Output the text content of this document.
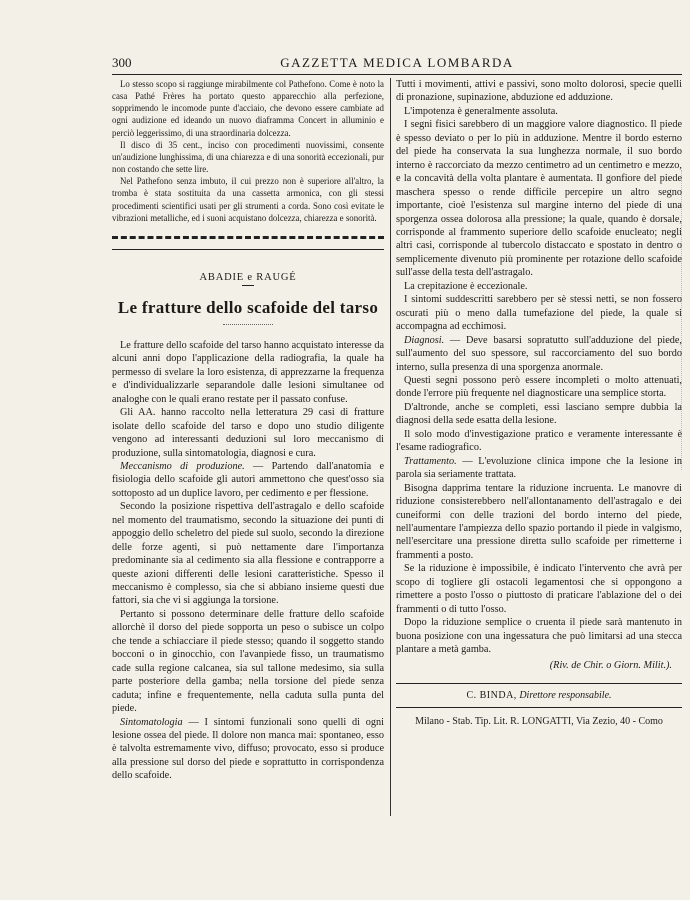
300	GAZZETTA MEDICA LOMBARDA

Lo stesso scopo si raggiunge mirabilmente col Pathefono. Come è noto la casa Pathé Frères ha portato questo apparecchio alla perfezione, sopprimendo le incomode punte d'acciaio, che devono essere cambiate ad ogni audizione ed ideando un nuovo diaframma Concert in alluminio e perciò leggerissimo, di una straordinaria dolcezza.

Il disco di 35 cent., inciso con procedimenti nuovissimi, consente un'audizione lunghissima, di una chiarezza e di una sonorità eccezionali, pur non costando che sette lire.

Nel Pathefono senza imbuto, il cui prezzo non è superiore all'altro, la tromba è stata sostituita da una cassetta armonica, con gli stessi procedimenti scientifici usati per gli strumenti a corda. Sono così evitate le vibrazioni metalliche, ed i suoni acquistano dolcezza, chiarezza e sonorità.

ABADIE e RAUGÉ
Le fratture dello scafoide del tarso

Le fratture dello scafoide del tarso hanno acquistato interesse da alcuni anni dopo l'applicazione della radiografia, la quale ha permesso di svelare la loro esistenza, di apprezzarne la frequenza e d'individualizzarle separandole dalle lesioni simultanee od analoghe con le quali erano restate per il passato confuse.

Gli AA. hanno raccolto nella letteratura 29 casi di fratture isolate dello scafoide del tarso e dopo uno studio diligente vengono ad interessanti deduzioni sul loro meccanismo di produzione, sulla sintomatologia, diagnosi e cura.

Meccanismo di produzione. — Partendo dall'anatomia e fisiologia dello scafoide gli autori ammettono che quest'osso sia sottoposto ad un duplice lavoro, per cedimento e per flessione.

Secondo la posizione rispettiva dell'astragalo e dello scafoide nel momento del traumatismo, secondo la situazione dei punti di appoggio dello scheletro del piede sul suolo, secondo la direzione delle forze agenti, si può nettamente dare l'importanza predominante sia al cedimento sia alla flessione e contrapporre a queste azioni differenti delle lesioni caratteristiche. Spesso il meccanismo è complesso, sia che si abbiano insieme questi due fattori, sia che vi si aggiunga la torsione.

Pertanto si possono determinare delle fratture dello scafoide allorchè il dorso del piede sopporta un peso o subisce un colpo che tende a schiacciare il piede stesso; quando il soggetto stando bocconi o in ginocchio, con l'avanpiede fisso, un traumatismo cade sulla regione calcanea, sia sul tallone medesimo, sia sulla parte posteriore della gamba; nella torsione del piede senza caduta; infine e frequentemente, nella caduta sulla punta del piede.

Sintomatologia — I sintomi funzionali sono quelli di ogni lesione ossea del piede. Il dolore non manca mai: spontaneo, esso è talvolta estremamente vivo, diffuso; provocato, esso si produce alla pressione sul dorso del piede e soprattutto in corrispondenza dello scafoide.

Tutti i movimenti, attivi e passivi, sono molto dolorosi, specie quelli di pronazione, supinazione, abduzione ed adduzione.

L'impotenza è generalmente assoluta.

I segni fisici sarebbero di un maggiore valore diagnostico. Il piede è spesso deviato o per lo più in adduzione. Mentre il bordo esterno del piede ha conservata la sua lunghezza normale, il suo bordo interno è raccorciato da mezzo centimetro ad un centimetro e mezzo, e la concavità della volta plantare è aumentata. Il gonfiore del piede maschera spesso o rende difficile percepire un altro segno importante, cioè l'esistenza sul margine interno del piede di una sporgenza ossea dolorosa alla pressione; la quale, quando è dorsale, corrisponde al frammento superiore dello scafoide enucleato; negli altri casi, corrisponde al tubercolo distaccato e spostato in dentro o semplicemente divenuto più prominente per rotazione dello scafoide sull'asse della testa dell'astragalo.

La crepitazione è eccezionale.

I sintomi suddescritti sarebbero per sè stessi netti, se non fossero oscurati più o meno dalla tumefazione del piede, la quale si accompagna ad ecchimosi.

Diagnosi. — Deve basarsi sopratutto sull'adduzione del piede, sull'aumento del suo spessore, sul raccorciamento del suo bordo interno, sulla presenza di una sporgenza anormale.

Questi segni possono però essere incompleti o molto attenuati, donde l'errore più frequente nel diagnosticare una semplice storta.

D'altronde, anche se completi, essi lasciano sempre dubbia la diagnosi della sede esatta della lesione.

Il solo modo d'investigazione pratico e veramente interessante è l'esame radiografico.

Trattamento. — L'evoluzione clinica impone che la lesione in parola sia seriamente trattata.

Bisogna dapprima tentare la riduzione incruenta. Le manovre di riduzione consisterebbero nell'allontanamento dell'astragalo e dei cuneiformi con delle trazioni del bordo interno del piede, nell'aumentare l'ampiezza dello spazio portando il piede in valgismo, nell'esercitare una pressione diretta sullo scafoide per rimetterne i frammenti a posto.

Se la riduzione è impossibile, è indicato l'intervento che avrà per scopo di togliere gli ostacoli legamentosi che si oppongono a rimettere a posto l'osso o piuttosto di praticare l'ablazione del o dei frammenti o di tutto l'osso.

Dopo la riduzione semplice o cruenta il piede sarà mantenuto in buona posizione con una ingessatura che può limitarsi ad una stecca plantare a metà gamba.

(Riv. de Chir. o Giorn. Milit.).

C. BINDA, Direttore responsabile.

Milano - Stab. Tip. Lit. R. LONGATTI, Via Zezio, 40 - Como
